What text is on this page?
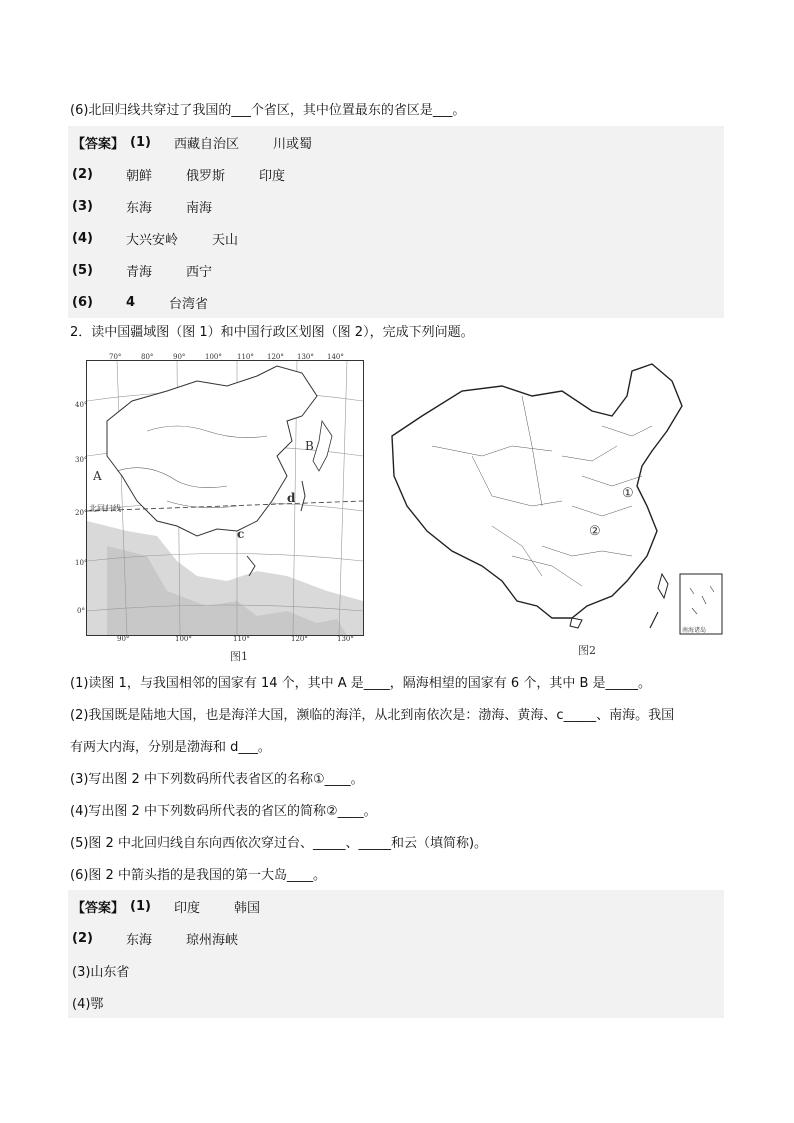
(6)北回归线共穿过了我国的___个省区，其中位置最东的省区是___。
【答案】 (1)	西藏自治区	川或蜀
(2)	朝鲜	俄罗斯	印度
(3)	东海	南海
(4)	大兴安岭	天山
(5)	青海	西宁
(6)	4	台湾省
2．读中国疆域图（图 1）和中国行政区划图（图 2），完成下列问题。
70°	80°	90°	100° 110° 120° 130° 140°
90°	100°	110°	120°	130°
40°
30°
20°
10°
0°
A
B
c
d
北回归线
图1
①
②
南海诸岛
图2
(1)读图 1，与我国相邻的国家有 14 个，其中 A 是____，隔海相望的国家有 6 个，其中 B 是_____。
(2)我国既是陆地大国，也是海洋大国，濒临的海洋，从北到南依次是：渤海、黄海、c_____、南海。我国
有两大内海，分别是渤海和 d___。
(3)写出图 2 中下列数码所代表省区的名称①____。
(4)写出图 2 中下列数码所代表的省区的简称②____。
(5)图 2 中北回归线自东向西依次穿过台、_____、_____和云（填简称)。
(6)图 2 中箭头指的是我国的第一大岛____。
【答案】 (1)	印度	韩国
(2)	东海	琼州海峡
(3)山东省
(4)鄂
